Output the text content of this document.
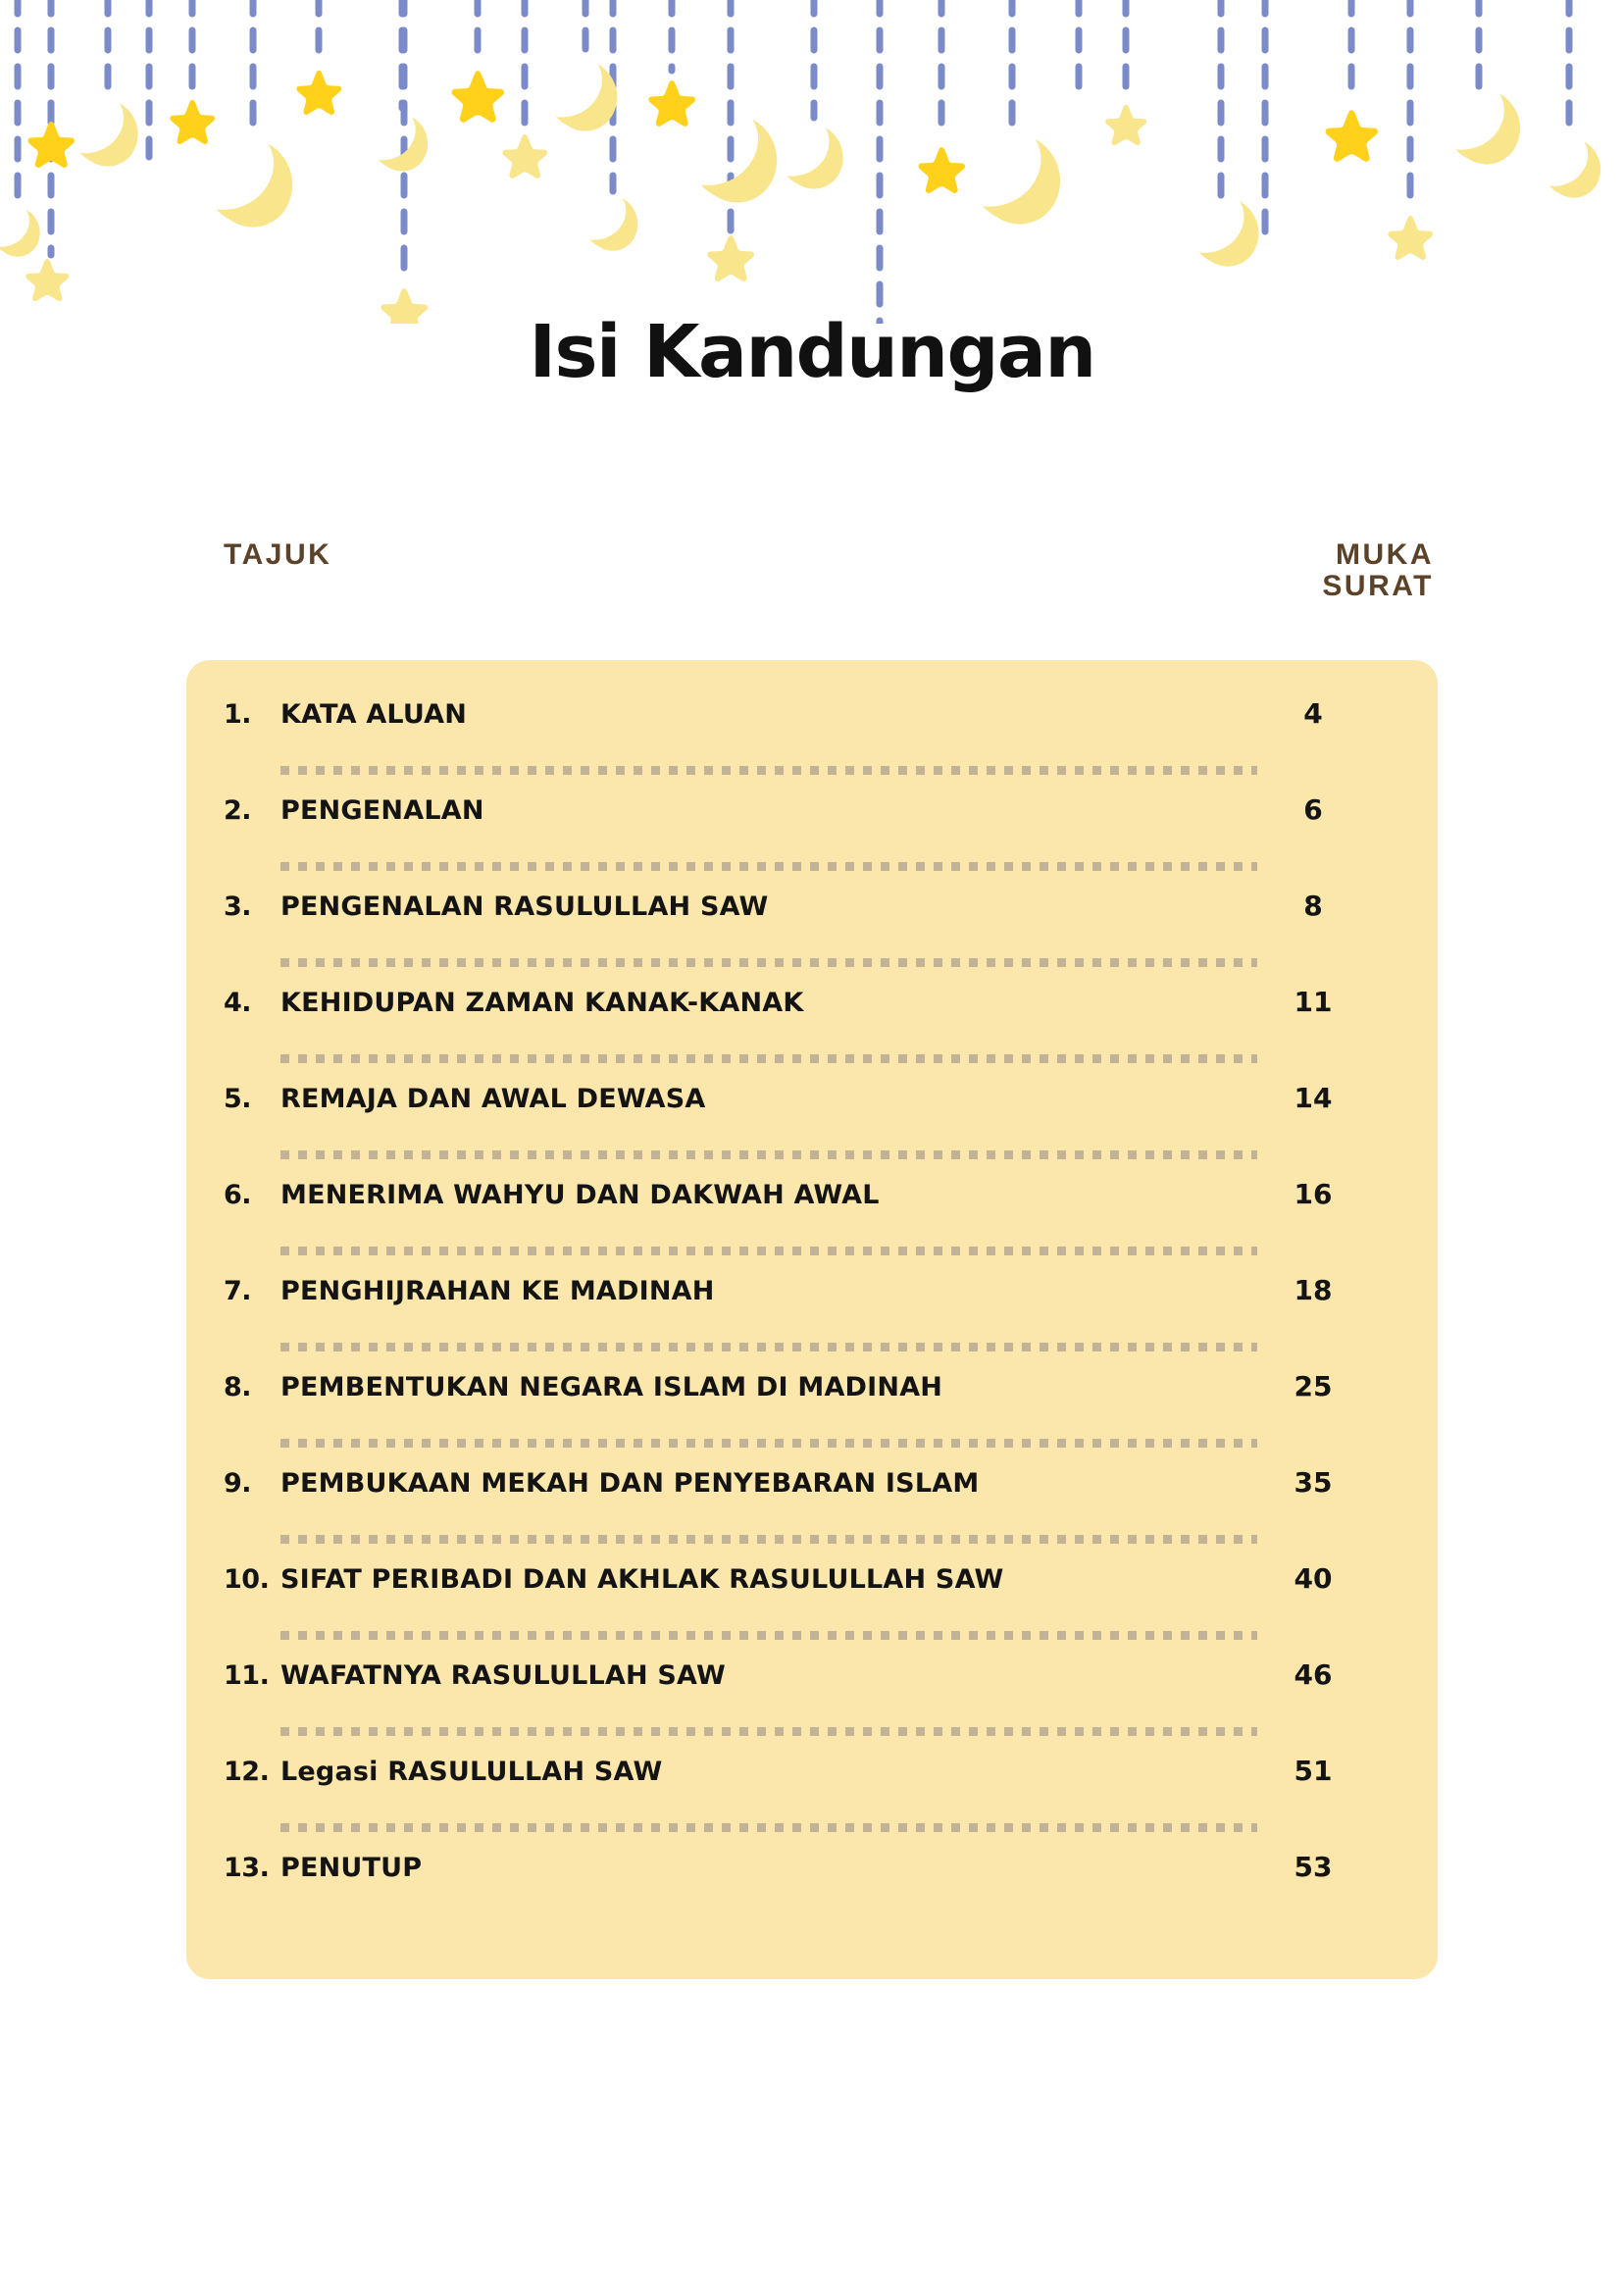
Isi Kandungan
TAJUK	MUKA
SURAT
1.	KATA ALUAN	4
2.	PENGENALAN	6
3.	PENGENALAN RASULULLAH SAW	8
4.	KEHIDUPAN ZAMAN KANAK-KANAK	11
5.	REMAJA DAN AWAL DEWASA	14
6.	MENERIMA WAHYU DAN DAKWAH AWAL	16
7.	PENGHIJRAHAN KE MADINAH	18
8.	PEMBENTUKAN NEGARA ISLAM DI MADINAH	25
9.	PEMBUKAAN MEKAH DAN PENYEBARAN ISLAM	35
10. SIFAT PERIBADI DAN AKHLAK RASULULLAH SAW	40
11. WAFATNYA RASULULLAH SAW	46
12. Legasi RASULULLAH SAW	51
13. PENUTUP	53
